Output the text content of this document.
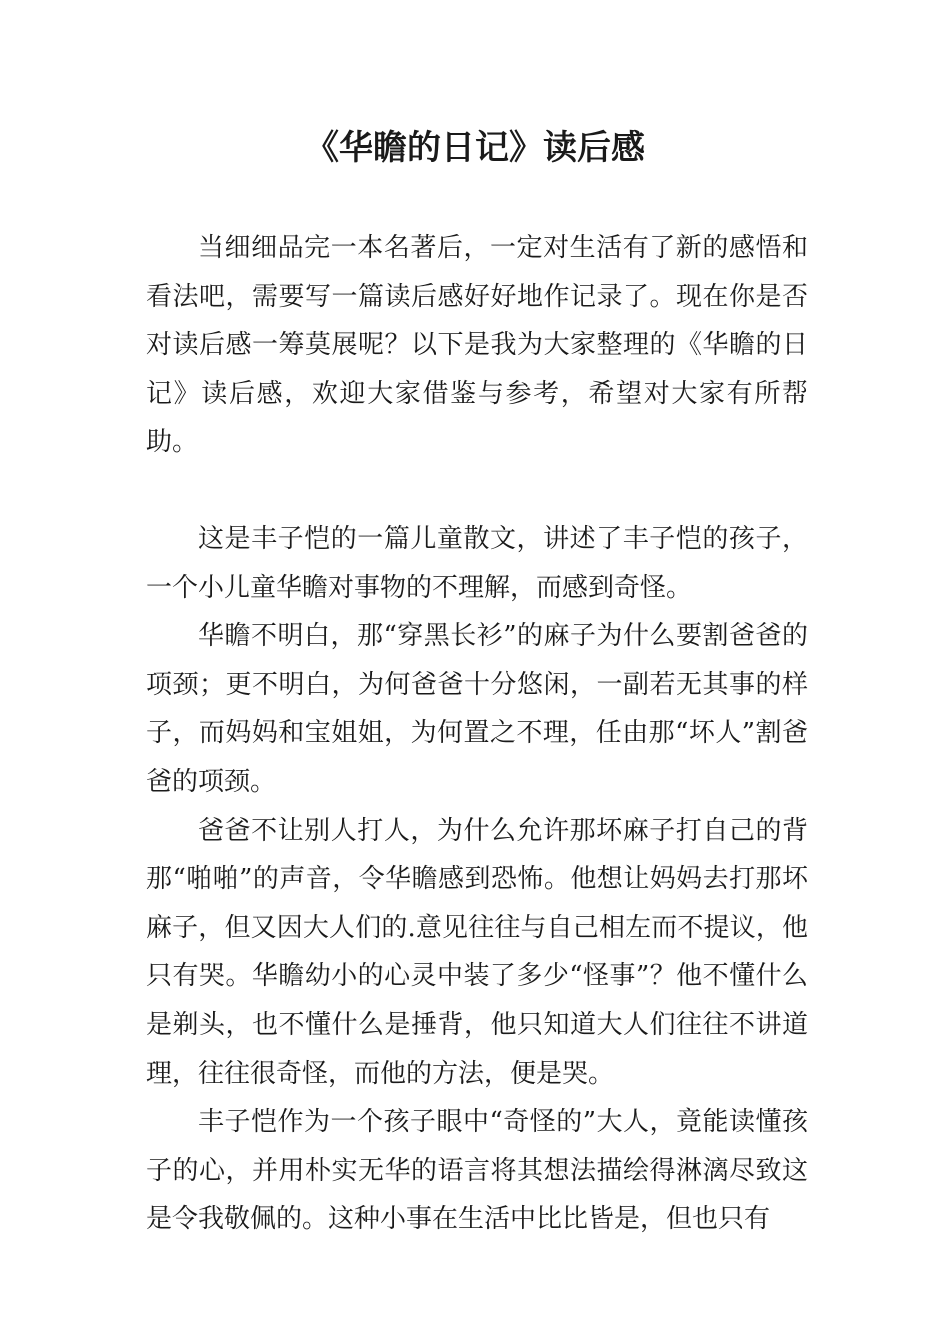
《华瞻的日记》读后感

当细细品完一本名著后，一定对生活有了新的感悟和看法吧，需要写一篇读后感好好地作记录了。现在你是否对读后感一筹莫展呢？以下是我为大家整理的《华瞻的日记》读后感，欢迎大家借鉴与参考，希望对大家有所帮助。

这是丰子恺的一篇儿童散文，讲述了丰子恺的孩子，一个小儿童华瞻对事物的不理解，而感到奇怪。

华瞻不明白，那“穿黑长衫”的麻子为什么要割爸爸的项颈；更不明白，为何爸爸十分悠闲，一副若无其事的样子，而妈妈和宝姐姐，为何置之不理，任由那“坏人”割爸爸的项颈。

爸爸不让别人打人，为什么允许那坏麻子打自己的背那“啪啪”的声音，令华瞻感到恐怖。他想让妈妈去打那坏麻子，但又因大人们的.意见往往与自己相左而不提议，他只有哭。华瞻幼小的心灵中装了多少“怪事”？他不懂什么是剃头，也不懂什么是捶背，他只知道大人们往往不讲道理，往往很奇怪，而他的方法，便是哭。

丰子恺作为一个孩子眼中“奇怪的”大人，竟能读懂孩子的心，并用朴实无华的语言将其想法描绘得淋漓尽致这是令我敬佩的。这种小事在生活中比比皆是，但也只有
